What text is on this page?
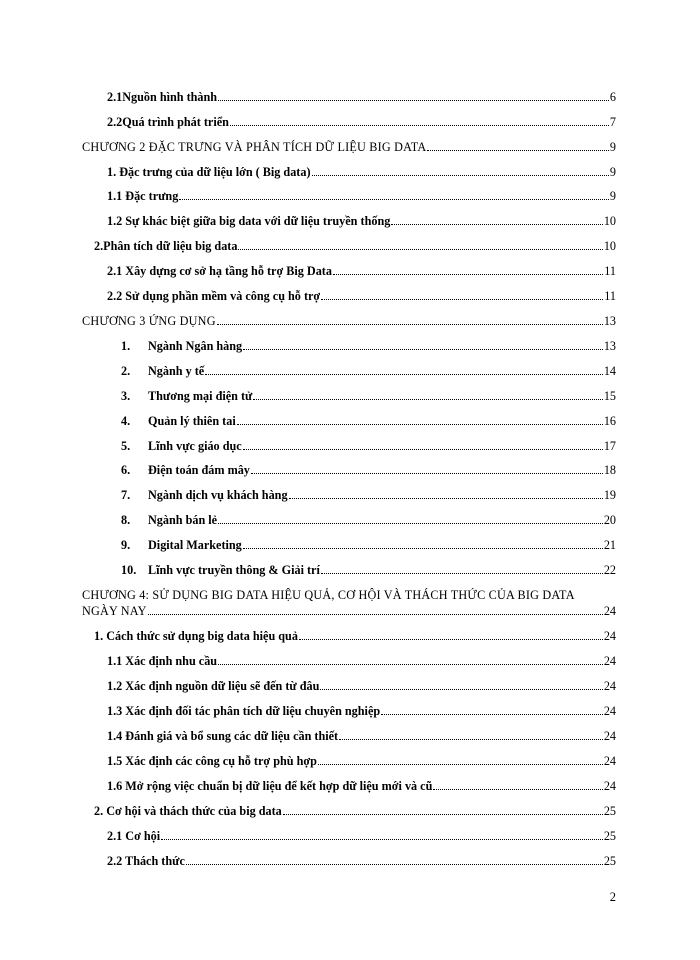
2.1Nguồn hình thành	6
2.2Quá trình phát triển	7
CHƯƠNG 2 ĐẶC TRƯNG VÀ PHÂN TÍCH DỮ LIỆU BIG DATA	9
1. Đặc trưng của dữ liệu lớn ( Big data)	9
1.1 Đặc trưng	9
1.2 Sự khác biệt giữa big data với dữ liệu truyền thống	10
2.Phân tích dữ liệu big data	10
2.1 Xây dựng cơ sở hạ tầng hỗ trợ Big Data	11
2.2 Sử dụng phần mềm và công cụ hỗ trợ	11
CHƯƠNG 3 ỨNG DỤNG	13
1.	Ngành Ngân hàng	13
2.	Ngành y tế	14
3.	Thương mại điện tử	15
4.	Quản lý thiên tai	16
5.	Lĩnh vực giáo dục	17
6.	Điện toán đám mây	18
7.	Ngành dịch vụ khách hàng	19
8.	Ngành bán lẻ	20
9.	Digital Marketing	21
10. Lĩnh vực truyền thông & Giải trí	22
CHƯƠNG 4: SỬ DỤNG BIG DATA HIỆU QUẢ, CƠ HỘI VÀ THÁCH THỨC CỦA BIG DATA
NGÀY NAY	24
1. Cách thức sử dụng big data hiệu quả	24
1.1 Xác định nhu cầu	24
1.2 Xác định nguồn dữ liệu sẽ đến từ đâu	24
1.3 Xác định đối tác phân tích dữ liệu chuyên nghiệp	24
1.4 Đánh giá và bổ sung các dữ liệu cần thiết	24
1.5 Xác định các công cụ hỗ trợ phù hợp	24
1.6 Mở rộng việc chuẩn bị dữ liệu để kết hợp dữ liệu mới và cũ	24
2. Cơ hội và thách thức của big data	25
2.1 Cơ hội	25
2.2 Thách thức	25
2
